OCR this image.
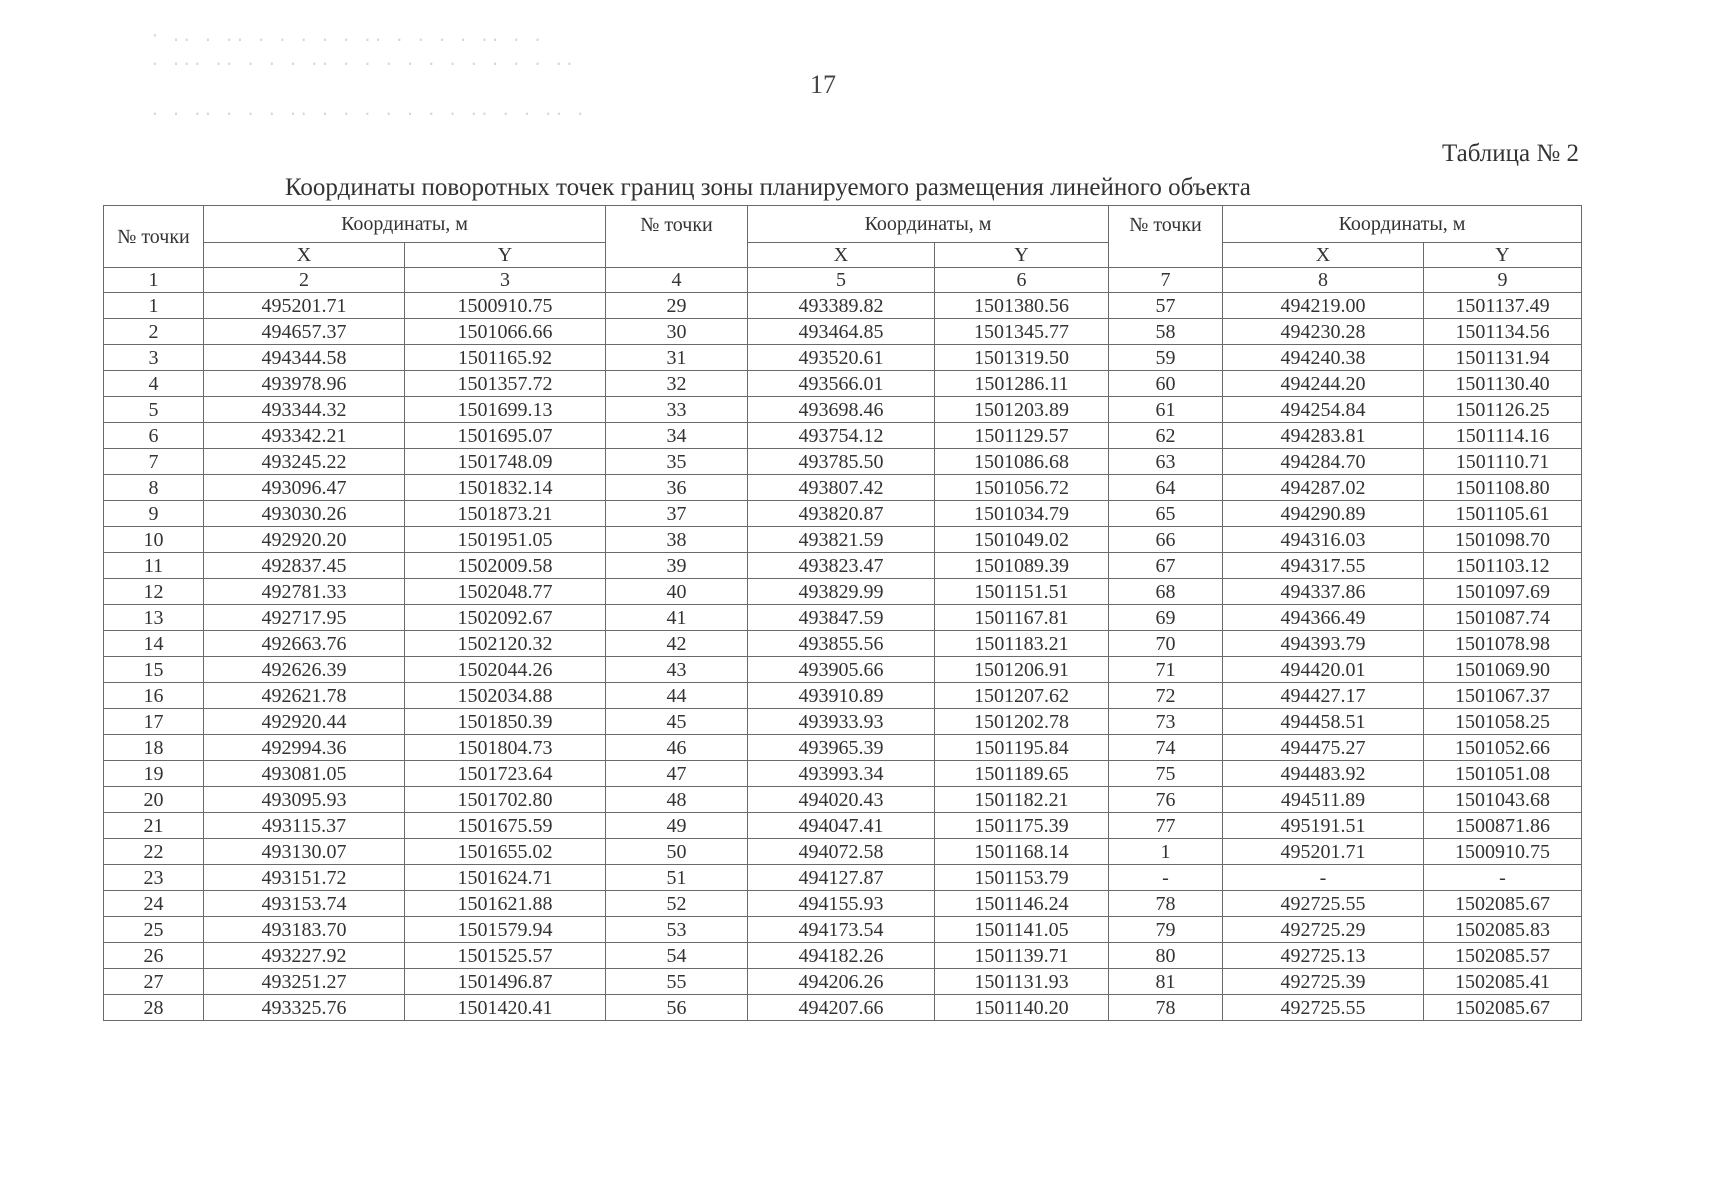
· .. . .. . . . . . .. . . . . .. . .
. ... .. . . . .. . . . . . . . . . . ..
. . .. . . . .. . . . . . . . .. . . .. .
17
Таблица № 2
Координаты поворотных точек границ зоны планируемого размещения линейного объекта
№ точки	Координаты, м		№ точки	Координаты, м		№ точки	Координаты, м	
	X	Y		X	Y		X	Y
1	2	3	4	5	6	7	8	9
1	495201.71	1500910.75	29	493389.82	1501380.56	57	494219.00	1501137.49
2	494657.37	1501066.66	30	493464.85	1501345.77	58	494230.28	1501134.56
3	494344.58	1501165.92	31	493520.61	1501319.50	59	494240.38	1501131.94
4	493978.96	1501357.72	32	493566.01	1501286.11	60	494244.20	1501130.40
5	493344.32	1501699.13	33	493698.46	1501203.89	61	494254.84	1501126.25
6	493342.21	1501695.07	34	493754.12	1501129.57	62	494283.81	1501114.16
7	493245.22	1501748.09	35	493785.50	1501086.68	63	494284.70	1501110.71
8	493096.47	1501832.14	36	493807.42	1501056.72	64	494287.02	1501108.80
9	493030.26	1501873.21	37	493820.87	1501034.79	65	494290.89	1501105.61
10	492920.20	1501951.05	38	493821.59	1501049.02	66	494316.03	1501098.70
11	492837.45	1502009.58	39	493823.47	1501089.39	67	494317.55	1501103.12
12	492781.33	1502048.77	40	493829.99	1501151.51	68	494337.86	1501097.69
13	492717.95	1502092.67	41	493847.59	1501167.81	69	494366.49	1501087.74
14	492663.76	1502120.32	42	493855.56	1501183.21	70	494393.79	1501078.98
15	492626.39	1502044.26	43	493905.66	1501206.91	71	494420.01	1501069.90
16	492621.78	1502034.88	44	493910.89	1501207.62	72	494427.17	1501067.37
17	492920.44	1501850.39	45	493933.93	1501202.78	73	494458.51	1501058.25
18	492994.36	1501804.73	46	493965.39	1501195.84	74	494475.27	1501052.66
19	493081.05	1501723.64	47	493993.34	1501189.65	75	494483.92	1501051.08
20	493095.93	1501702.80	48	494020.43	1501182.21	76	494511.89	1501043.68
21	493115.37	1501675.59	49	494047.41	1501175.39	77	495191.51	1500871.86
22	493130.07	1501655.02	50	494072.58	1501168.14	1	495201.71	1500910.75
23	493151.72	1501624.71	51	494127.87	1501153.79	-	-	-
24	493153.74	1501621.88	52	494155.93	1501146.24	78	492725.55	1502085.67
25	493183.70	1501579.94	53	494173.54	1501141.05	79	492725.29	1502085.83
26	493227.92	1501525.57	54	494182.26	1501139.71	80	492725.13	1502085.57
27	493251.27	1501496.87	55	494206.26	1501131.93	81	492725.39	1502085.41
28	493325.76	1501420.41	56	494207.66	1501140.20	78	492725.55	1502085.67
